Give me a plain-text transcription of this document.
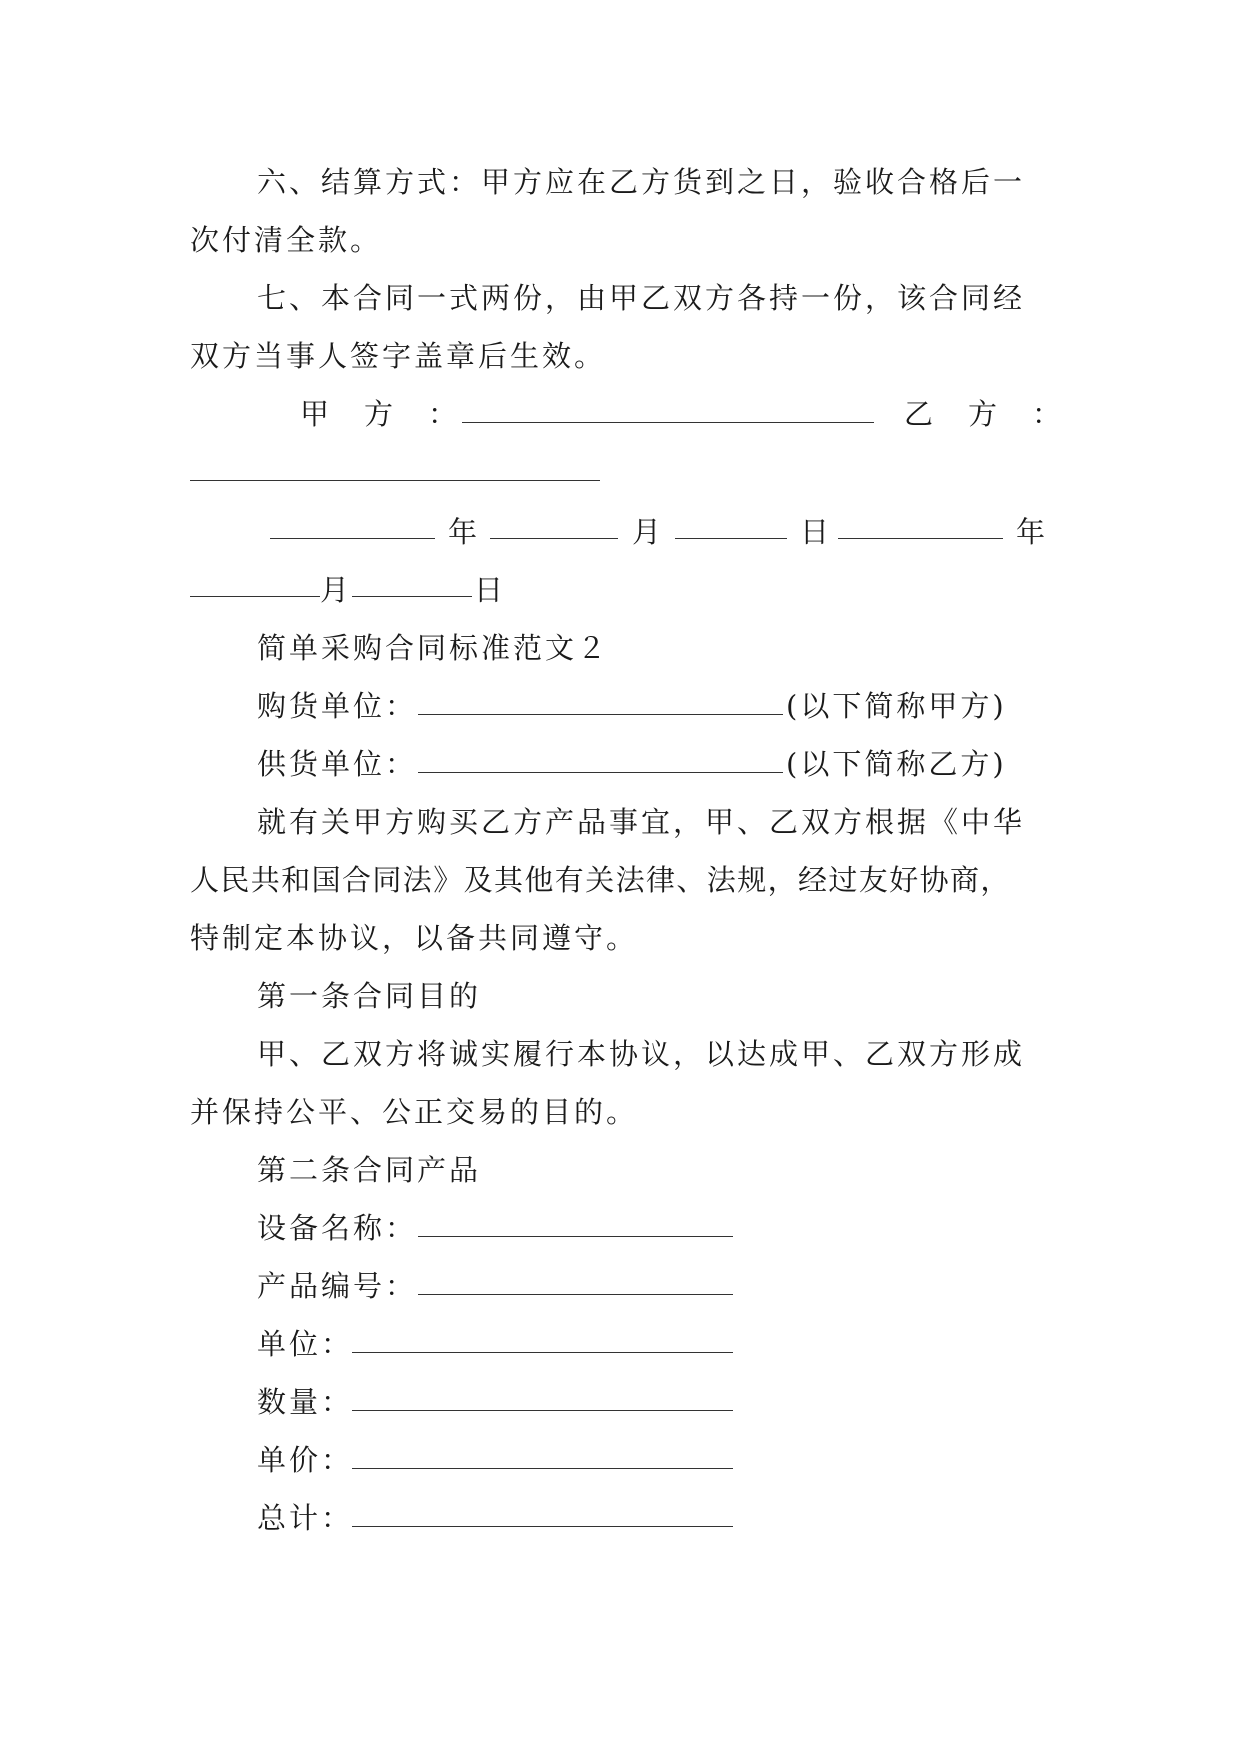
六、结算方式：甲方应在乙方货到之日，验收合格后一
次付清全款。
七、本合同一式两份，由甲乙双方各持一份，该合同经
双方当事人签字盖章后生效。
甲　方　：	乙　方　：
年	月	日	年
月	日
简单采购合同标准范文２
购货单位：	(以下简称甲方)
供货单位：	(以下简称乙方)
就有关甲方购买乙方产品事宜，甲、乙双方根据《中华
人民共和国合同法》及其他有关法律、法规，经过友好协商，
特制定本协议，以备共同遵守。
第一条合同目的
甲、乙双方将诚实履行本协议，以达成甲、乙双方形成
并保持公平、公正交易的目的。
第二条合同产品
设备名称：
产品编号：
单位：
数量：
单价：
总计：
